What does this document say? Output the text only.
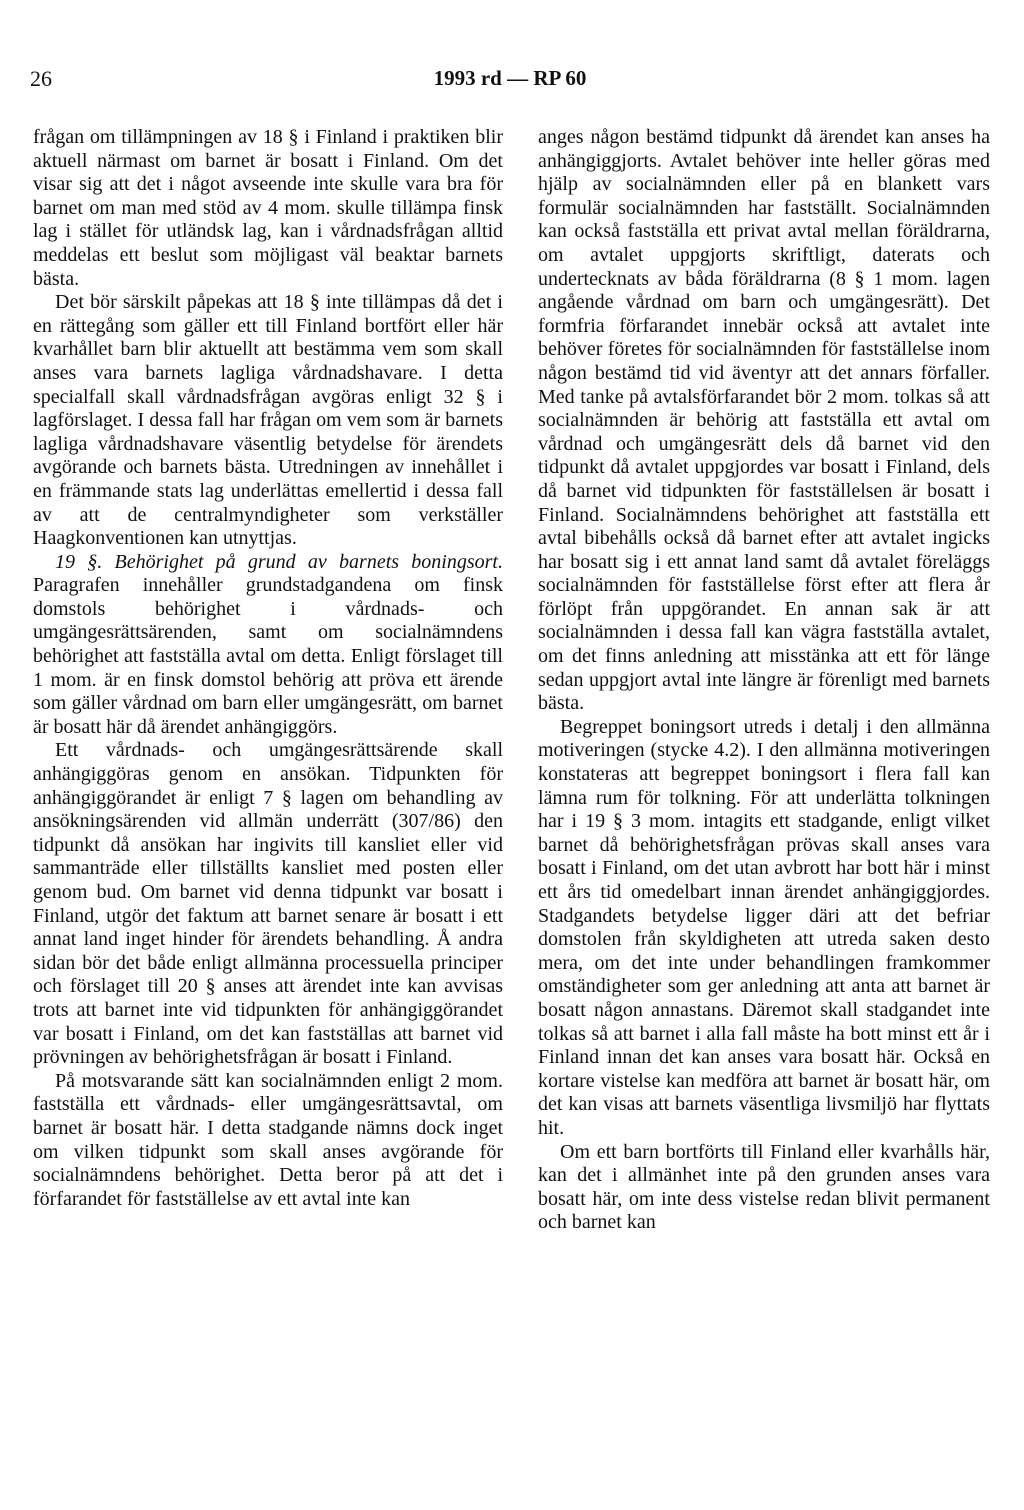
26	1993 rd — RP 60

frågan om tillämpningen av 18 § i Finland i praktiken blir aktuell närmast om barnet är bosatt i Finland. Om det visar sig att det i något avseende inte skulle vara bra för barnet om man med stöd av 4 mom. skulle tillämpa finsk lag i stället för utländsk lag, kan i vårdnadsfrågan alltid meddelas ett beslut som möjligast väl beaktar barnets bästa.

Det bör särskilt påpekas att 18 § inte tillämpas då det i en rättegång som gäller ett till Finland bortfört eller här kvarhållet barn blir aktuellt att bestämma vem som skall anses vara barnets lagliga vårdnadshavare. I detta specialfall skall vårdnadsfrågan avgöras enligt 32 § i lagförslaget. I dessa fall har frågan om vem som är barnets lagliga vårdnadshavare väsentlig betydelse för ärendets avgörande och barnets bästa. Utredningen av innehållet i en främmande stats lag underlättas emellertid i dessa fall av att de centralmyndigheter som verkställer Haagkonventionen kan utnyttjas.

19 §. Behörighet på grund av barnets boningsort. Paragrafen innehåller grundstadgandena om finsk domstols behörighet i vårdnads- och umgängesrättsärenden, samt om socialnämndens behörighet att fastställa avtal om detta. Enligt förslaget till 1 mom. är en finsk domstol behörig att pröva ett ärende som gäller vårdnad om barn eller umgängesrätt, om barnet är bosatt här då ärendet anhängiggörs.

Ett vårdnads- och umgängesrättsärende skall anhängiggöras genom en ansökan. Tidpunkten för anhängiggörandet är enligt 7 § lagen om behandling av ansökningsärenden vid allmän underrätt (307/86) den tidpunkt då ansökan har ingivits till kansliet eller vid sammanträde eller tillställts kansliet med posten eller genom bud. Om barnet vid denna tidpunkt var bosatt i Finland, utgör det faktum att barnet senare är bosatt i ett annat land inget hinder för ärendets behandling. Å andra sidan bör det både enligt allmänna processuella principer och förslaget till 20 § anses att ärendet inte kan avvisas trots att barnet inte vid tidpunkten för anhängiggörandet var bosatt i Finland, om det kan fastställas att barnet vid prövningen av behörighetsfrågan är bosatt i Finland.

På motsvarande sätt kan socialnämnden enligt 2 mom. fastställa ett vårdnads- eller umgängesrättsavtal, om barnet är bosatt här. I detta stadgande nämns dock inget om vilken tidpunkt som skall anses avgörande för socialnämndens behörighet. Detta beror på att det i förfarandet för fastställelse av ett avtal inte kan

anges någon bestämd tidpunkt då ärendet kan anses ha anhängiggjorts. Avtalet behöver inte heller göras med hjälp av socialnämnden eller på en blankett vars formulär socialnämnden har fastställt. Socialnämnden kan också fastställa ett privat avtal mellan föräldrarna, om avtalet uppgjorts skriftligt, daterats och undertecknats av båda föräldrarna (8 § 1 mom. lagen angående vårdnad om barn och umgängesrätt). Det formfria förfarandet innebär också att avtalet inte behöver företes för socialnämnden för fastställelse inom någon bestämd tid vid äventyr att det annars förfaller. Med tanke på avtalsförfarandet bör 2 mom. tolkas så att socialnämnden är behörig att fastställa ett avtal om vårdnad och umgängesrätt dels då barnet vid den tidpunkt då avtalet uppgjordes var bosatt i Finland, dels då barnet vid tidpunkten för fastställelsen är bosatt i Finland. Socialnämndens behörighet att fastställa ett avtal bibehålls också då barnet efter att avtalet ingicks har bosatt sig i ett annat land samt då avtalet föreläggs socialnämnden för fastställelse först efter att flera år förlöpt från uppgörandet. En annan sak är att socialnämnden i dessa fall kan vägra fastställa avtalet, om det finns anledning att misstänka att ett för länge sedan uppgjort avtal inte längre är förenligt med barnets bästa.

Begreppet boningsort utreds i detalj i den allmänna motiveringen (stycke 4.2). I den allmänna motiveringen konstateras att begreppet boningsort i flera fall kan lämna rum för tolkning. För att underlätta tolkningen har i 19 § 3 mom. intagits ett stadgande, enligt vilket barnet då behörighetsfrågan prövas skall anses vara bosatt i Finland, om det utan avbrott har bott här i minst ett års tid omedelbart innan ärendet anhängiggjordes. Stadgandets betydelse ligger däri att det befriar domstolen från skyldigheten att utreda saken desto mera, om det inte under behandlingen framkommer omständigheter som ger anledning att anta att barnet är bosatt någon annastans. Däremot skall stadgandet inte tolkas så att barnet i alla fall måste ha bott minst ett år i Finland innan det kan anses vara bosatt här. Också en kortare vistelse kan medföra att barnet är bosatt här, om det kan visas att barnets väsentliga livsmiljö har flyttats hit.

Om ett barn bortförts till Finland eller kvarhålls här, kan det i allmänhet inte på den grunden anses vara bosatt här, om inte dess vistelse redan blivit permanent och barnet kan
